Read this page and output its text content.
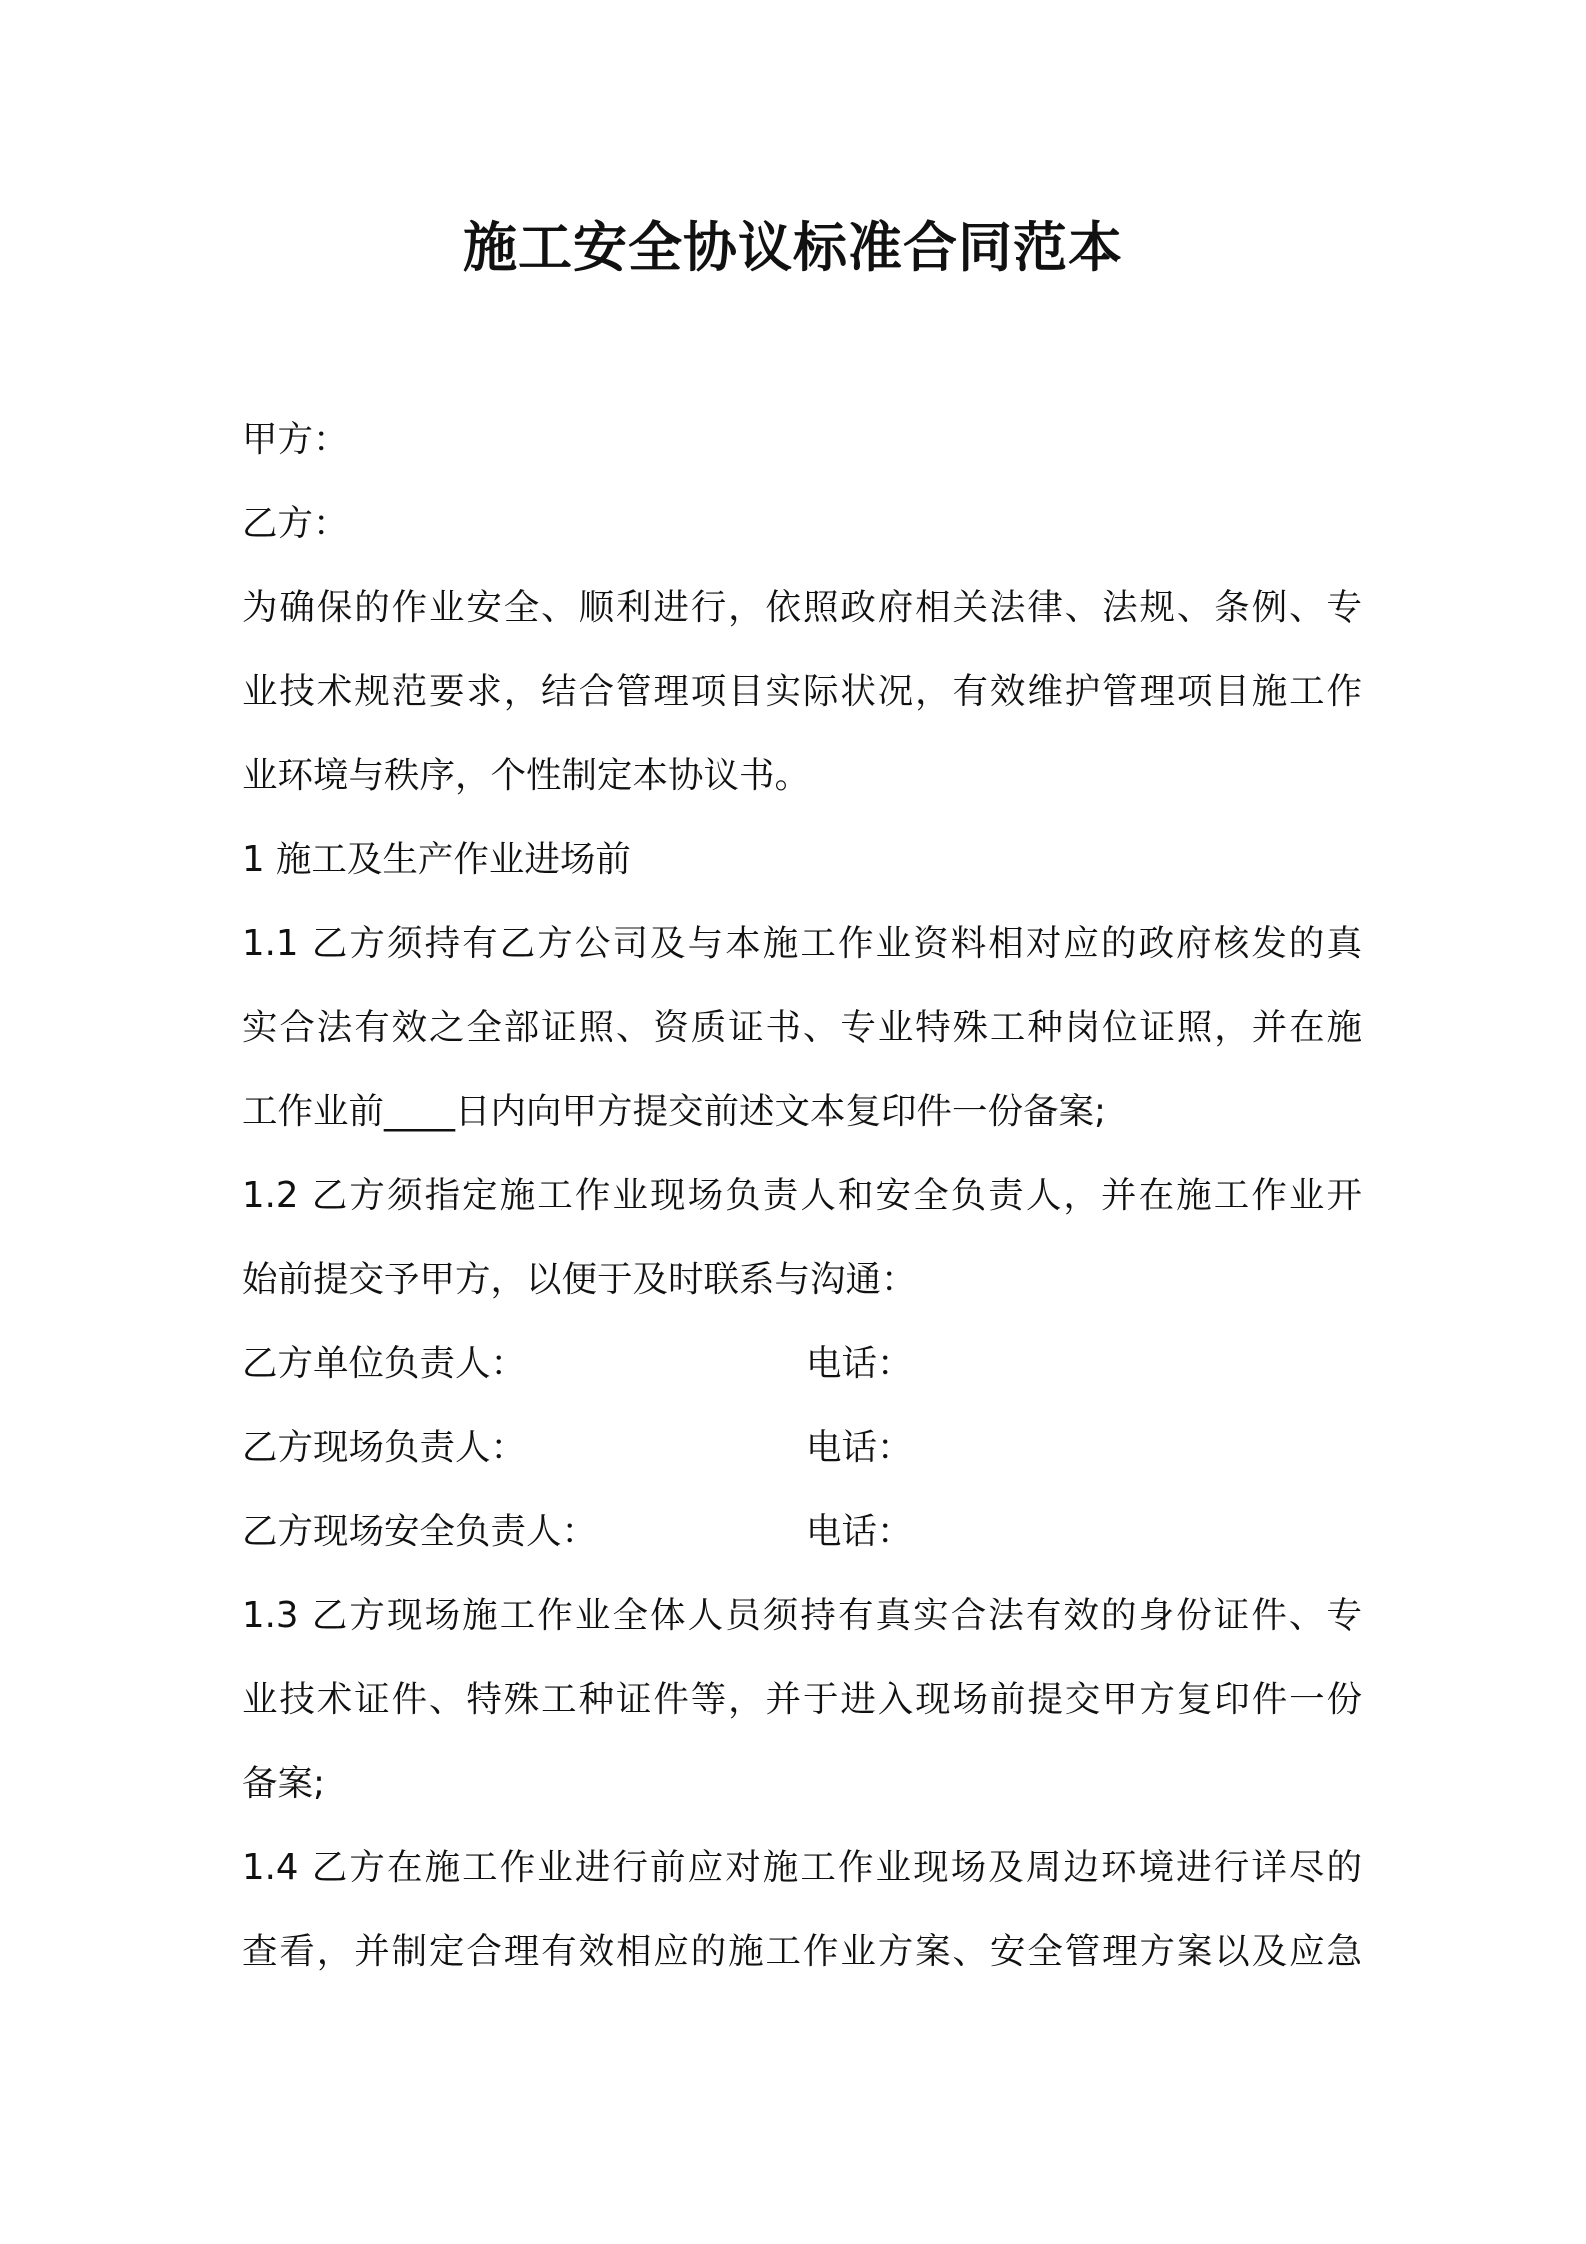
施工安全协议标准合同范本
甲方：
乙方：
为确保的作业安全、顺利进行，依照政府相关法律、法规、条例、专
业技术规范要求，结合管理项目实际状况，有效维护管理项目施工作
业环境与秩序，个性制定本协议书。
1 施工及生产作业进场前
1.1 乙方须持有乙方公司及与本施工作业资料相对应的政府核发的真
实合法有效之全部证照、资质证书、专业特殊工种岗位证照，并在施
工作业前____日内向甲方提交前述文本复印件一份备案;
1.2 乙方须指定施工作业现场负责人和安全负责人，并在施工作业开
始前提交予甲方，以便于及时联系与沟通：
乙方单位负责人：	电话：
乙方现场负责人：	电话：
乙方现场安全负责人：	电话：
1.3 乙方现场施工作业全体人员须持有真实合法有效的身份证件、专
业技术证件、特殊工种证件等，并于进入现场前提交甲方复印件一份
备案;
1.4 乙方在施工作业进行前应对施工作业现场及周边环境进行详尽的
查看，并制定合理有效相应的施工作业方案、安全管理方案以及应急
